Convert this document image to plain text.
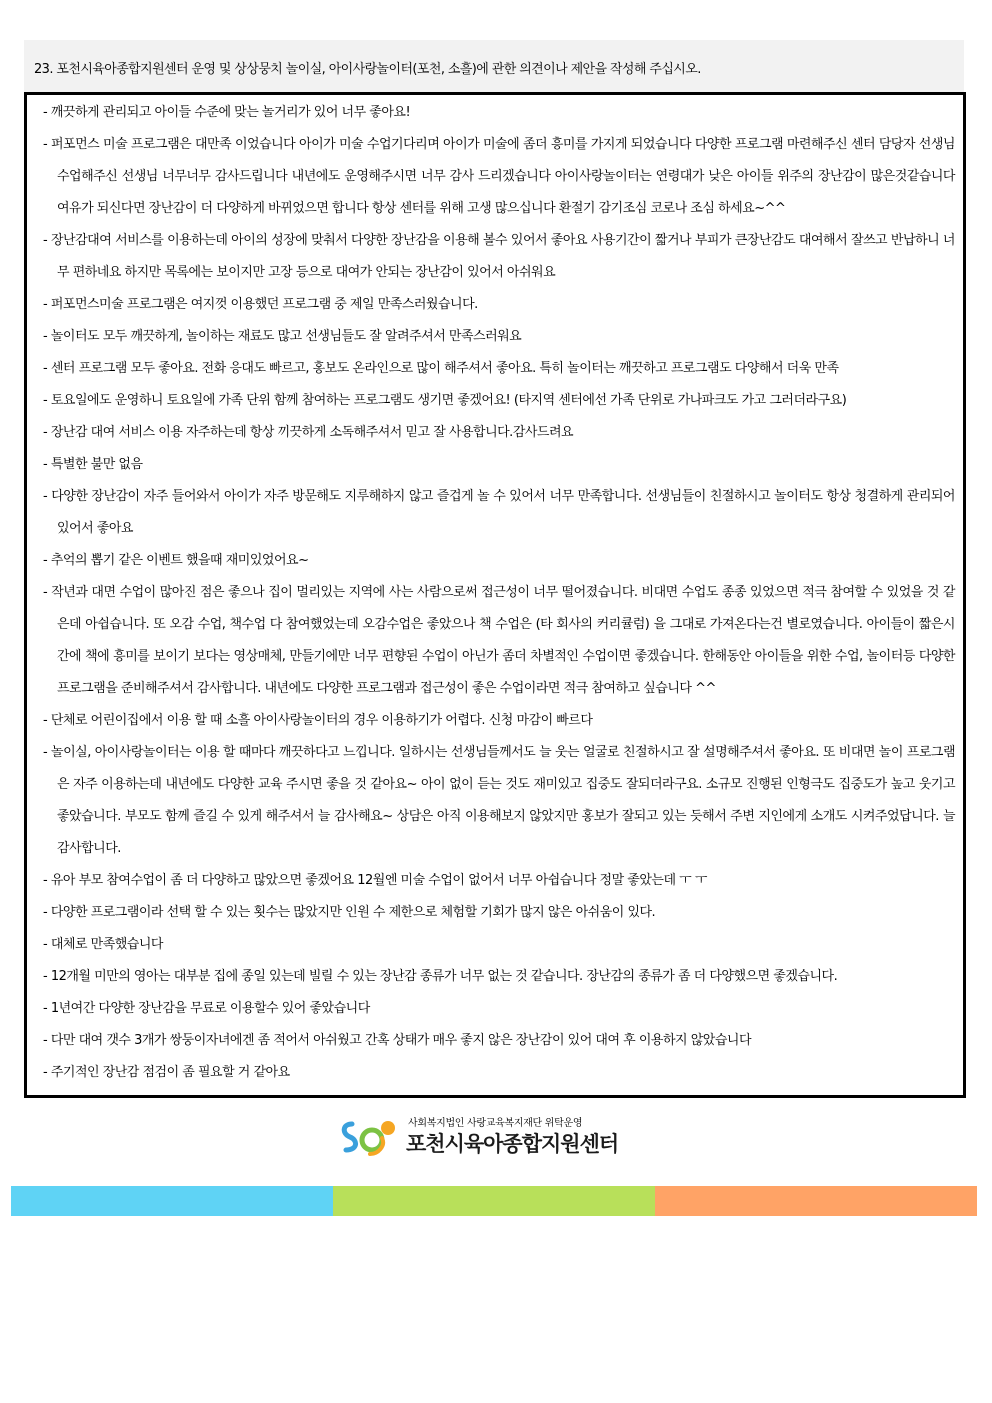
23. 포천시육아종합지원센터 운영 및 상상뭉치 놀이실, 아이사랑놀이터(포천, 소흘)에 관한 의견이나 제안을 작성해 주십시오.
- 깨끗하게 관리되고 아이들 수준에 맞는 놀거리가 있어 너무 좋아요!
- 퍼포먼스 미술 프로그램은 대만족 이었습니다 아이가 미술 수업기다리며 아이가 미술에 좀더 흥미를 가지게 되었습니다 다양한 프로그램 마련해주신 센터 담당자 선생님 수업해주신 선생님 너무너무 감사드립니다 내년에도 운영해주시면 너무 감사 드리겠습니다 아이사랑놀이터는 연령대가 낮은 아이들 위주의 장난감이 많은것같습니다 여유가 되신다면 장난감이 더 다양하게 바뀌었으면 합니다 항상 센터를 위해 고생 많으십니다 환절기 감기조심 코로나 조심 하세요~^^
- 장난감대여 서비스를 이용하는데 아이의 성장에 맞춰서 다양한 장난감을 이용해 볼수 있어서 좋아요 사용기간이 짧거나 부피가 큰장난감도 대여해서 잘쓰고 반납하니 너무 편하네요 하지만 목록에는 보이지만 고장 등으로 대여가 안되는 장난감이 있어서 아쉬워요
- 퍼포먼스미술 프로그램은 여지껏 이용했던 프로그램 중 제일 만족스러웠습니다.
- 놀이터도 모두 깨끗하게, 놀이하는 재료도 많고 선생님들도 잘 알려주셔서 만족스러워요
- 센터 프로그램 모두 좋아요. 전화 응대도 빠르고, 홍보도 온라인으로 많이 해주셔서 좋아요. 특히 놀이터는 깨끗하고 프로그램도 다양해서 더욱 만족
- 토요일에도 운영하니 토요일에 가족 단위 함께 참여하는 프로그램도 생기면 좋겠어요! (타지역 센터에선 가족 단위로 가나파크도 가고 그러더라구요)
- 장난감 대여 서비스 이용 자주하는데 항상 끼끗하게 소독해주셔서 믿고 잘 사용합니다.감사드려요
- 특별한 불만 없음
- 다양한 장난감이 자주 들어와서 아이가 자주 방문해도 지루해하지 않고 즐겁게 놀 수 있어서 너무 만족합니다. 선생님들이 친절하시고 놀이터도 항상 청결하게 관리되어 있어서 좋아요
- 추억의 뽑기 같은 이벤트 했을때 재미있었어요~
- 작년과 대면 수업이 많아진 점은 좋으나 집이 멀리있는 지역에 사는 사람으로써 접근성이 너무 떨어졌습니다. 비대면 수업도 종종 있었으면 적극 참여할 수 있었을 것 같은데 아쉽습니다. 또 오감 수업, 책수업 다 참여했었는데 오감수업은 좋았으나 책 수업은 (타 회사의 커리큘럼) 을 그대로 가져온다는건 별로였습니다. 아이들이 짧은시간에 책에 흥미를 보이기 보다는 영상매체, 만들기에만 너무 편향된 수업이 아닌가 좀더 차별적인 수업이면 좋겠습니다. 한해동안 아이들을 위한 수업, 놀이터등 다양한 프로그램을 준비해주셔서 감사합니다. 내년에도 다양한 프로그램과 접근성이 좋은 수업이라면 적극 참여하고 싶습니다 ^^
- 단체로 어린이집에서 이용 할 때 소흘 아이사랑놀이터의 경우 이용하기가 어렵다. 신청 마감이 빠르다
- 놀이실, 아이사랑놀이터는 이용 할 때마다 깨끗하다고 느낍니다. 일하시는 선생님들께서도 늘 웃는 얼굴로 친절하시고 잘 설명해주셔서 좋아요. 또 비대면 놀이 프로그램은 자주 이용하는데 내년에도 다양한 교육 주시면 좋을 것 같아요~ 아이 없이 듣는 것도 재미있고 집중도 잘되더라구요. 소규모 진행된 인형극도 집중도가 높고 웃기고 좋았습니다. 부모도 함께 즐길 수 있게 해주셔서 늘 감사해요~ 상담은 아직 이용해보지 않았지만 홍보가 잘되고 있는 듯해서 주변 지인에게 소개도 시켜주었답니다. 늘 감사합니다.
- 유아 부모 참여수업이 좀 더 다양하고 많았으면 좋겠어요 12월엔 미술 수업이 없어서 너무 아쉽습니다 정말 좋았는데 ㅜ ㅜ
- 다양한 프로그램이라 선택 할 수 있는 횟수는 많았지만 인원 수 제한으로 체험할 기회가 많지 않은 아쉬움이 있다.
- 대체로 만족했습니다
- 12개월 미만의 영아는 대부분 집에 종일 있는데 빌릴 수 있는 장난감 종류가 너무 없는 것 같습니다. 장난감의 종류가 좀 더 다양했으면 좋겠습니다.
- 1년여간 다양한 장난감을 무료로 이용할수 있어 좋았습니다
- 다만 대여 갯수 3개가 쌍둥이자녀에겐 좀 적어서 아쉬웠고 간혹 상태가 매우 좋지 않은 장난감이 있어 대여 후 이용하지 않았습니다
- 주기적인 장난감 점검이 좀 필요할 거 같아요
사회복지법인 사랑교육복지재단 위탁운영
포천시육아종합지원센터
